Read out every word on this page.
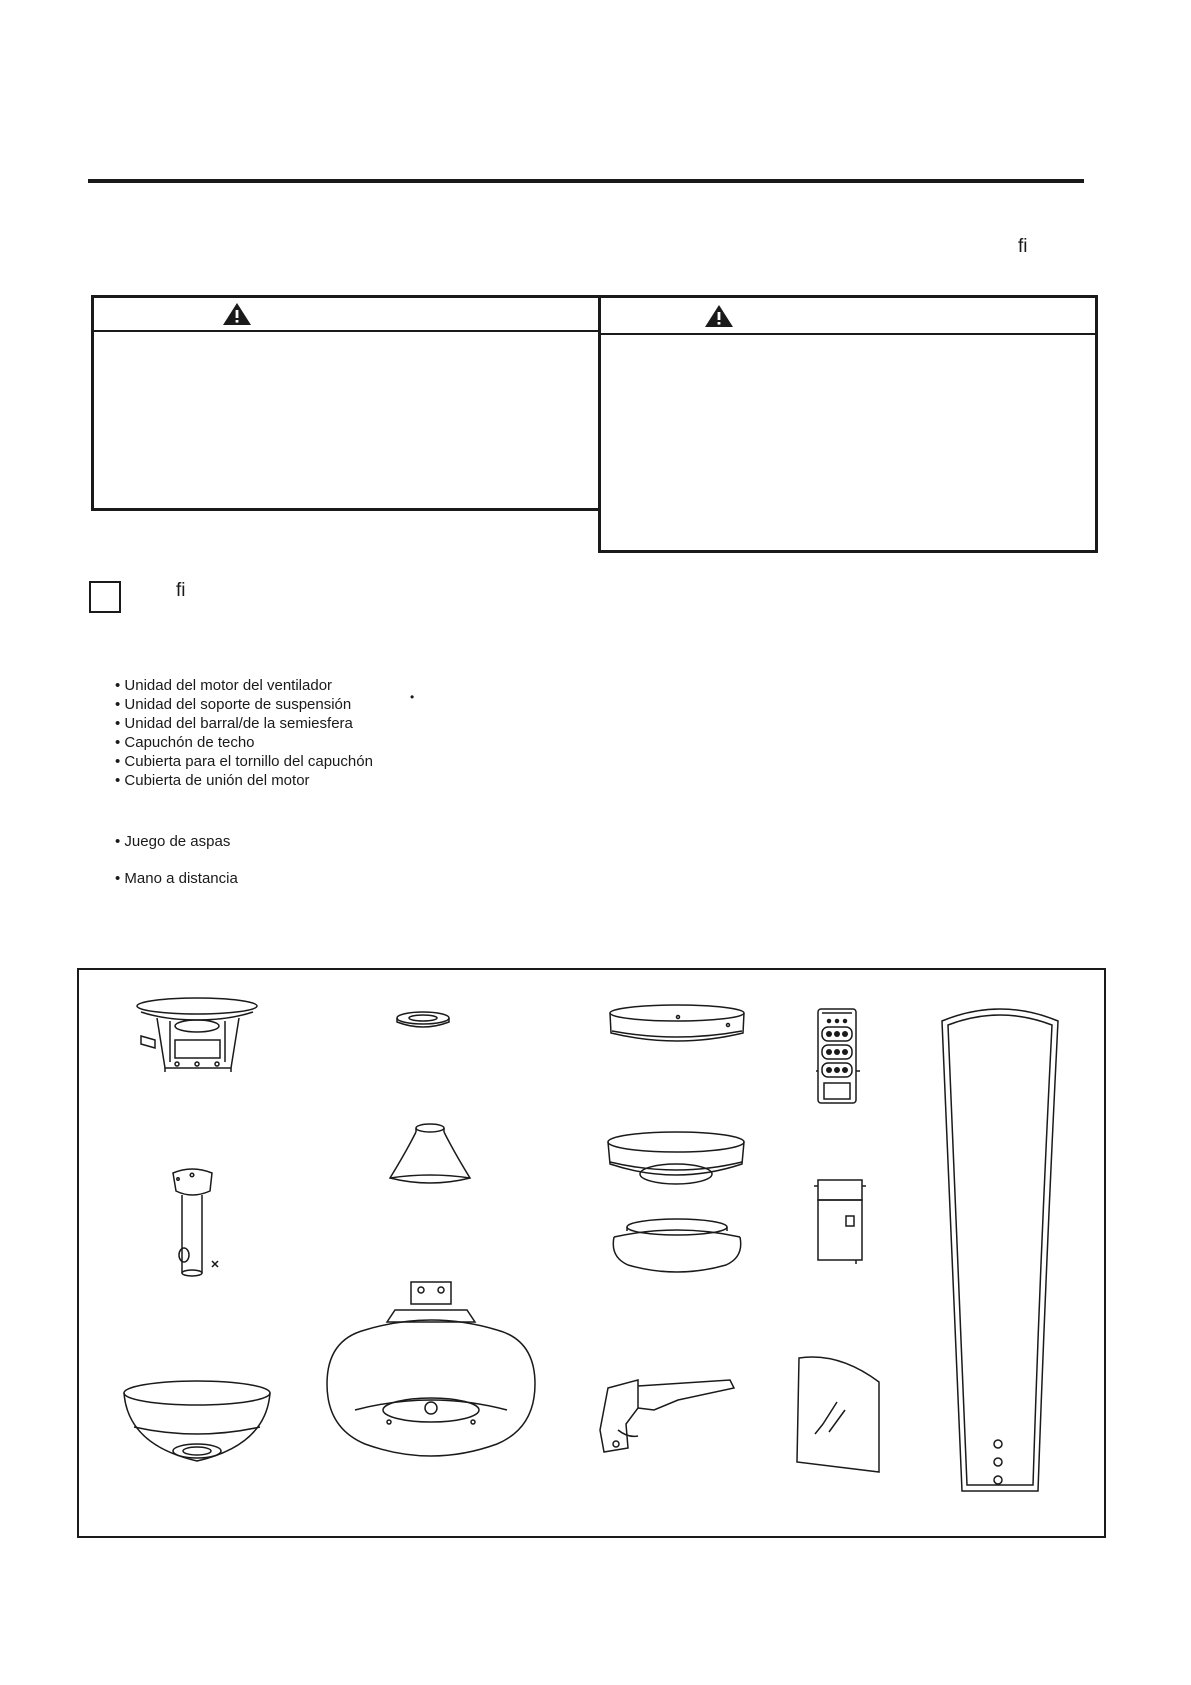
fi
fi
• Unidad del motor del ventilador
• Unidad del soporte de suspensión
• Unidad del barral/de la semiesfera
• Capuchón de techo
• Cubierta para el tornillo del capuchón
• Cubierta de unión del motor
•
• Juego de aspas
• Mano a distancia
